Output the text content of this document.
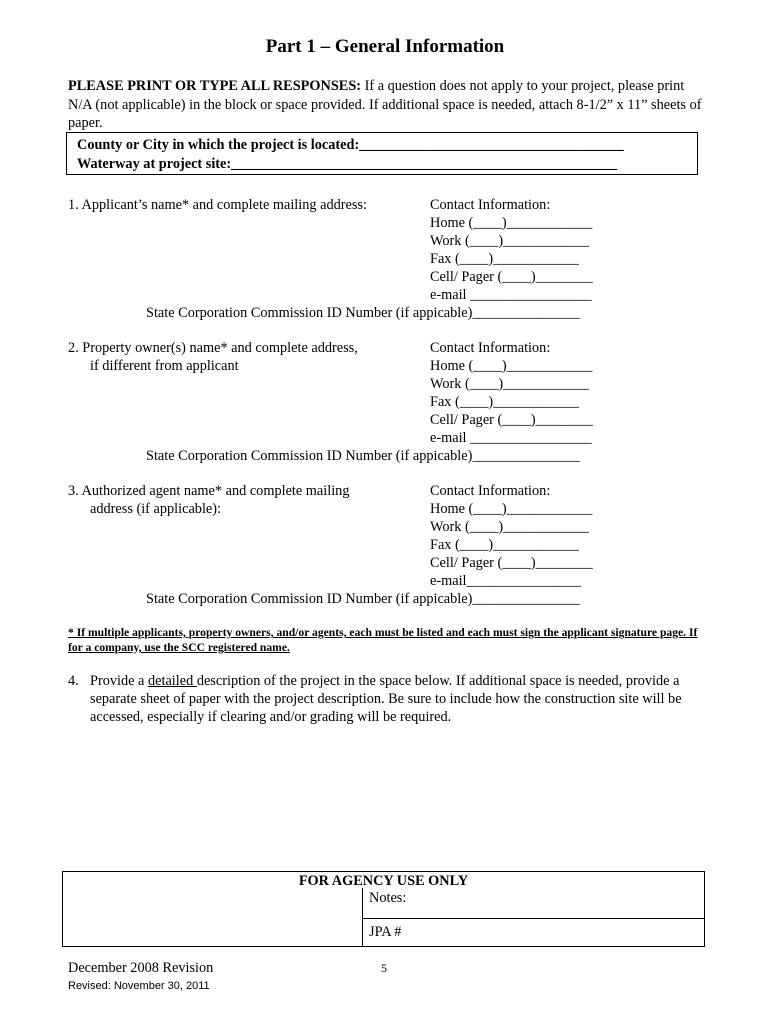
Part 1 – General Information
PLEASE PRINT OR TYPE ALL RESPONSES: If a question does not apply to your project, please print N/A (not applicable) in the block or space provided. If additional space is needed, attach 8-1/2” x 11” sheets of paper.
County or City in which the project is located:_____________________________________
Waterway at project site:______________________________________________________
1. Applicant’s name* and complete mailing address:	Contact Information:
Home (____)____________
Work (____)____________
Fax (____)____________
Cell/ Pager (____)________
e-mail _________________
State Corporation Commission ID Number (if appicable)_______________
2. Property owner(s) name* and complete address,
if different from applicant
Contact Information:
Home (____)____________
Work (____)____________
Fax (____)____________
Cell/ Pager (____)________
e-mail _________________
State Corporation Commission ID Number (if appicable)_______________
3. Authorized agent name* and complete mailing
address (if applicable):
Contact Information:
Home (____)____________
Work (____)____________
Fax (____)____________
Cell/ Pager (____)________
e-mail________________
State Corporation Commission ID Number (if appicable)_______________
* If multiple applicants, property owners, and/or agents, each must be listed and each must sign the applicant signature page. If for a company, use the SCC registered name.
4. Provide a detailed description of the project in the space below. If additional space is needed, provide a separate sheet of paper with the project description. Be sure to include how the construction site will be accessed, especially if clearing and/or grading will be required.
FOR AGENCY USE ONLY
Notes:
JPA #
December 2008 Revision	5
Revised: November 30, 2011
